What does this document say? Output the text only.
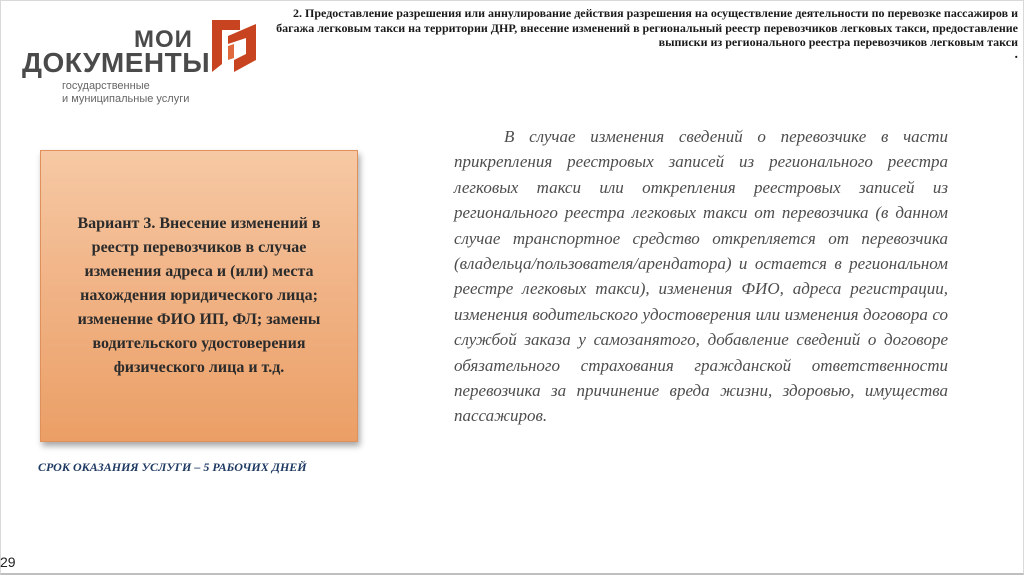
МОИ
ДОКУМЕНТЫ
государственные
и муниципальные услуги
2. Предоставление разрешения или аннулирование действия разрешения на осуществление деятельности по перевозке пассажиров и багажа легковым такси на территории ДНР, внесение изменений в региональный реестр перевозчиков легковых такси, предоставление выписки из регионального реестра перевозчиков легковым такси
.
Вариант 3. Внесение изменений в реестр перевозчиков в случае изменения адреса и (или) места нахождения юридического лица; изменение ФИО ИП, ФЛ; замены водительского удостоверения физического лица и т.д.
СРОК ОКАЗАНИЯ УСЛУГИ – 5 РАБОЧИХ ДНЕЙ

В случае изменения сведений о перевозчике в части прикрепления реестровых записей из регионального реестра легковых такси или открепления реестровых записей из регионального реестра легковых такси от перевозчика (в данном случае транспортное средство открепляется от перевозчика (владельца/пользователя/арендатора) и остается в региональном реестре легковых такси), изменения ФИО, адреса регистрации, изменения водительского удостоверения или изменения договора со службой заказа у самозанятого, добавление сведений о договоре обязательного страхования гражданской ответственности перевозчика за причинение вреда жизни, здоровью, имущества пассажиров.

29
